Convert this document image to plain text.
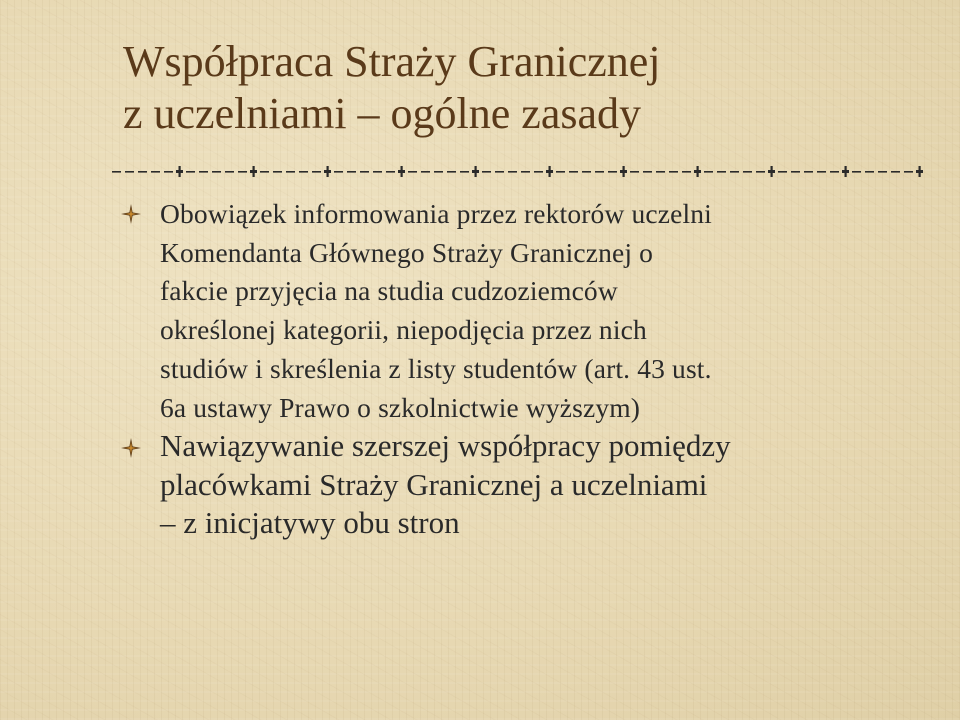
Współpraca Straży Granicznej
z uczelniami – ogólne zasady
Obowiązek informowania przez rektorów uczelni
Komendanta Głównego Straży Granicznej o
fakcie przyjęcia na studia cudzoziemców
określonej kategorii, niepodjęcia przez nich
studiów i skreślenia z listy studentów (art. 43 ust.
6a ustawy Prawo o szkolnictwie wyższym)
Nawiązywanie szerszej współpracy pomiędzy
placówkami Straży Granicznej a uczelniami
– z inicjatywy obu stron
